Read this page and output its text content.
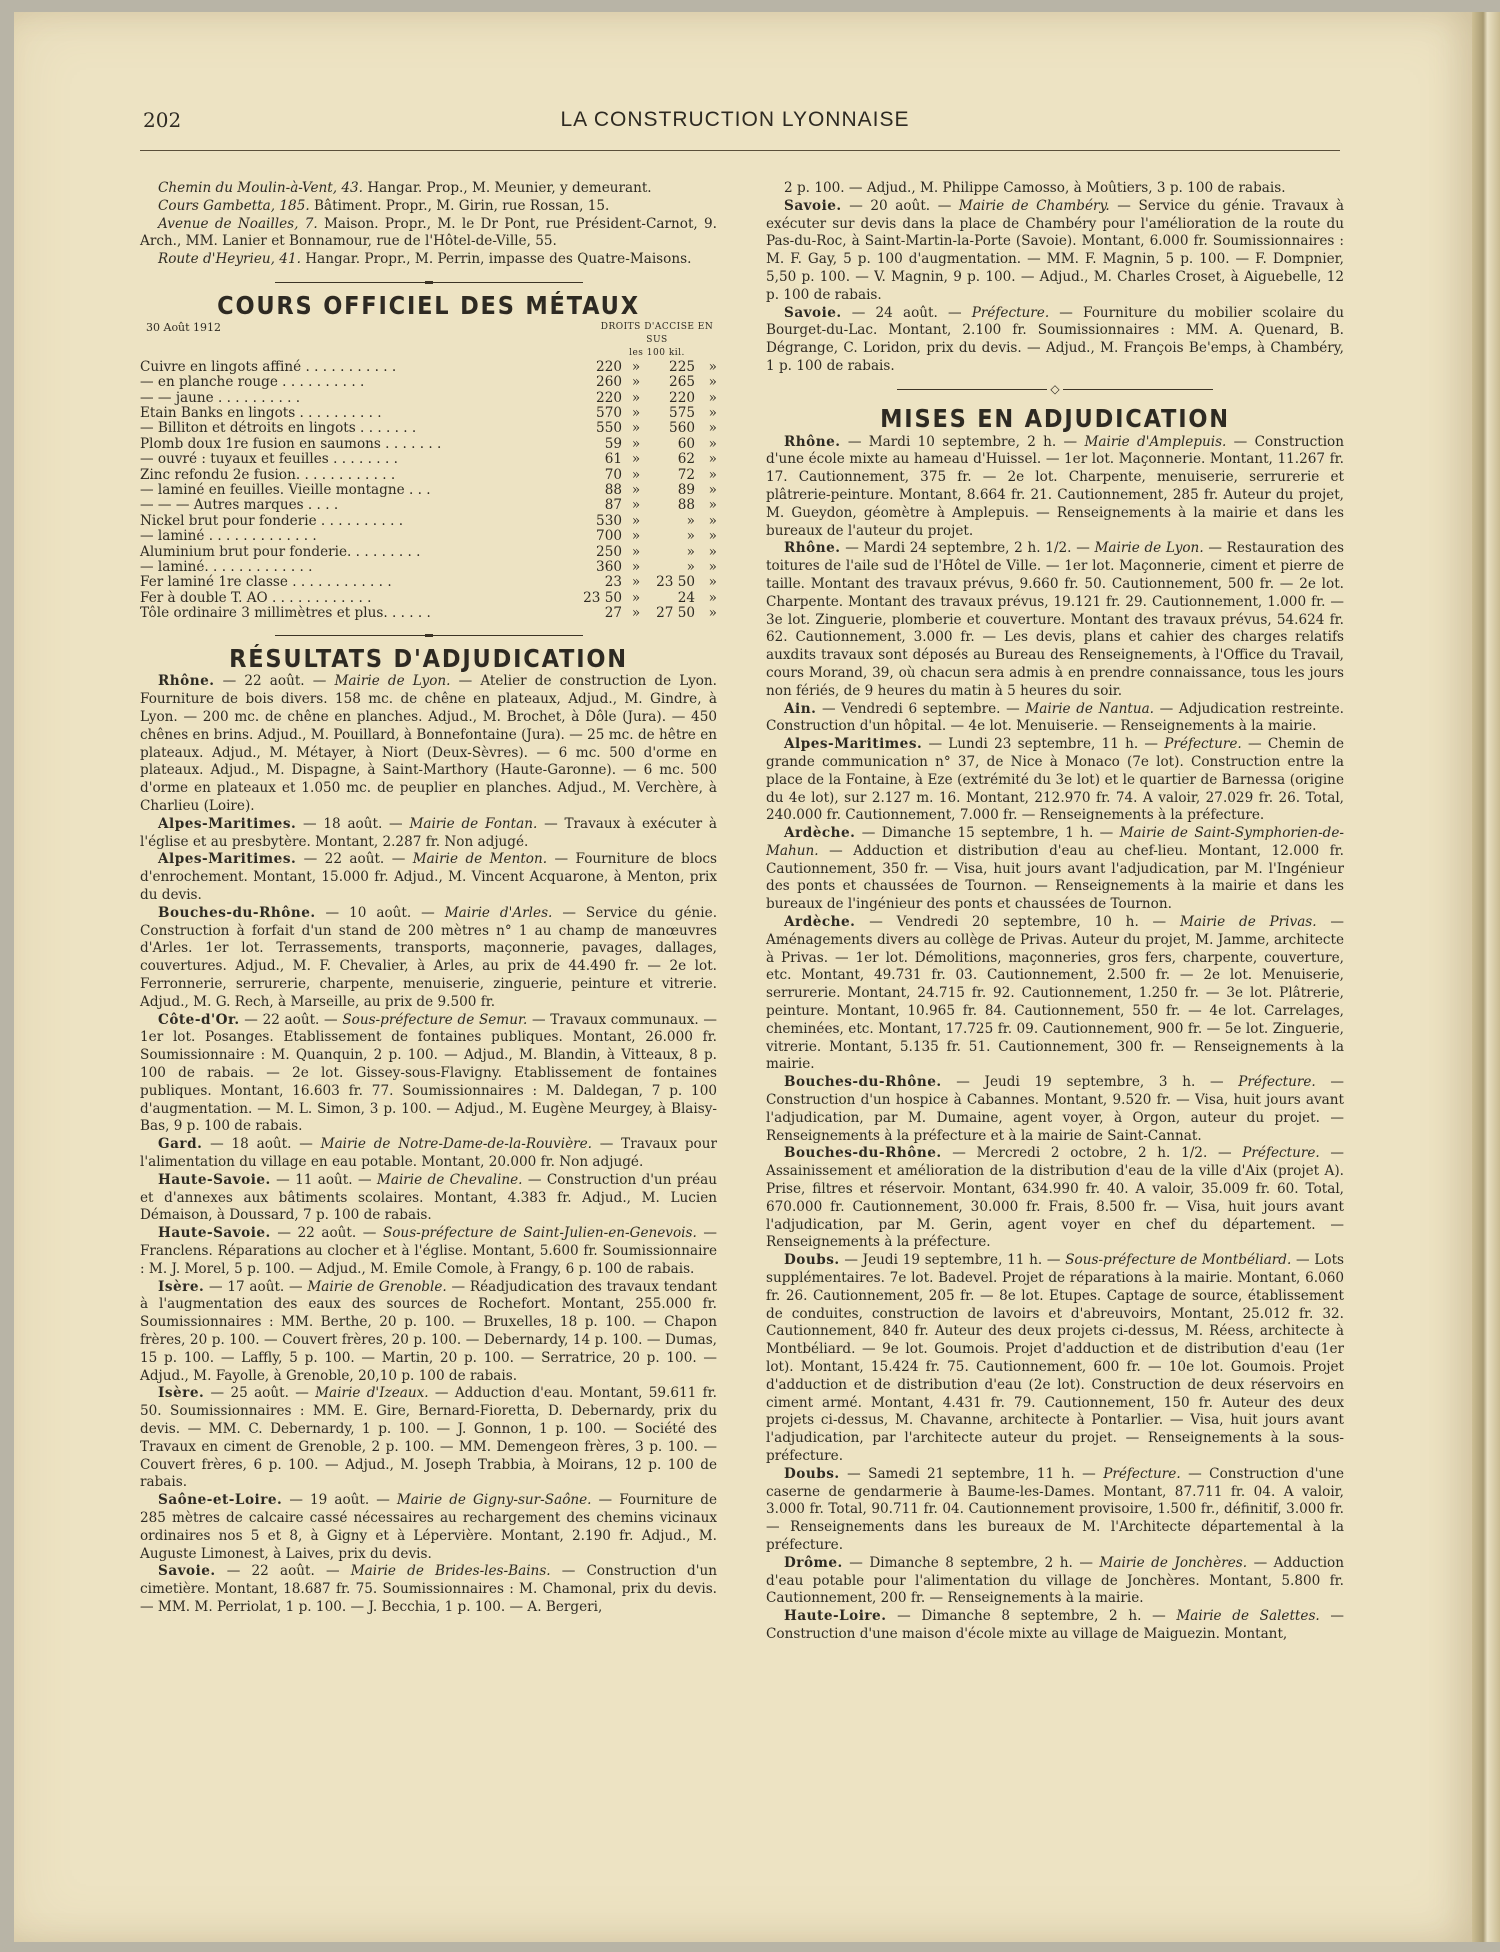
202	LA CONSTRUCTION LYONNAISE
Chemin du Moulin-à-Vent, 43. Hangar. Prop., M. Meunier, y demeurant.
Cours Gambetta, 185. Bâtiment. Propr., M. Girin, rue Rossan, 15.
Avenue de Noailles, 7. Maison. Propr., M. le Dr Pont, rue Président-Carnot, 9. Arch., MM. Lanier et Bonnamour, rue de l'Hôtel-de-Ville, 55.
Route d'Heyrieu, 41. Hangar. Propr., M. Perrin, impasse des Quatre-Maisons.
COURS OFFICIEL DES MÉTAUX
30 Août 1912	DROITS D'ACCISE EN SUS
les 100 kil.
Cuivre en lingots affiné . . . . . . . . . . .	220	»	225	»
— en planche rouge . . . . . . . . . .	260	»	265	»
— — jaune . . . . . . . . . .	220	»	220	»
Etain Banks en lingots . . . . . . . . . .	570	»	575	»
— Billiton et détroits en lingots . . . . . . .	550	»	560	»
Plomb doux 1re fusion en saumons . . . . . . .	59	»	60	»
— ouvré : tuyaux et feuilles . . . . . . . .	61	»	62	»
Zinc refondu 2e fusion. . . . . . . . . . . .	70	»	72	»
— laminé en feuilles. Vieille montagne . . .	88	»	89	»
— — — Autres marques . . . .	87	»	88	»
Nickel brut pour fonderie . . . . . . . . . .	530	»	»	»
— laminé . . . . . . . . . . . . .	700	»	»	»
Aluminium brut pour fonderie. . . . . . . . .	250	»	»	»
— laminé. . . . . . . . . . . . .	360	»	»	»
Fer laminé 1re classe . . . . . . . . . . . .	23	»	23 50	»
Fer à double T. AO . . . . . . . . . . . .	23 50	»	24	»
Tôle ordinaire 3 millimètres et plus. . . . . .	27	»	27 50	»
RÉSULTATS D'ADJUDICATION
Rhône. — 22 août. — Mairie de Lyon. — Atelier de construction de Lyon. Fourniture de bois divers. 158 mc. de chêne en plateaux, Adjud., M. Gindre, à Lyon. — 200 mc. de chêne en planches. Adjud., M. Brochet, à Dôle (Jura). — 450 chênes en brins. Adjud., M. Pouillard, à Bonnefontaine (Jura). — 25 mc. de hêtre en plateaux. Adjud., M. Métayer, à Niort (Deux-Sèvres). — 6 mc. 500 d'orme en plateaux. Adjud., M. Dispagne, à Saint-Marthory (Haute-Garonne). — 6 mc. 500 d'orme en plateaux et 1.050 mc. de peuplier en planches. Adjud., M. Verchère, à Charlieu (Loire).
Alpes-Maritimes. — 18 août. — Mairie de Fontan. — Travaux à exécuter à l'église et au presbytère. Montant, 2.287 fr. Non adjugé.
Alpes-Maritimes. — 22 août. — Mairie de Menton. — Fourniture de blocs d'enrochement. Montant, 15.000 fr. Adjud., M. Vincent Acquarone, à Menton, prix du devis.
Bouches-du-Rhône. — 10 août. — Mairie d'Arles. — Service du génie. Construction à forfait d'un stand de 200 mètres n° 1 au champ de manœuvres d'Arles. 1er lot. Terrassements, transports, maçonnerie, pavages, dallages, couvertures. Adjud., M. F. Chevalier, à Arles, au prix de 44.490 fr. — 2e lot. Ferronnerie, serrurerie, charpente, menuiserie, zinguerie, peinture et vitrerie. Adjud., M. G. Rech, à Marseille, au prix de 9.500 fr.
Côte-d'Or. — 22 août. — Sous-préfecture de Semur. — Travaux communaux. — 1er lot. Posanges. Etablissement de fontaines publiques. Montant, 26.000 fr. Soumissionnaire : M. Quanquin, 2 p. 100. — Adjud., M. Blandin, à Vitteaux, 8 p. 100 de rabais. — 2e lot. Gissey-sous-Flavigny. Etablissement de fontaines publiques. Montant, 16.603 fr. 77. Soumissionnaires : M. Daldegan, 7 p. 100 d'augmentation. — M. L. Simon, 3 p. 100. — Adjud., M. Eugène Meurgey, à Blaisy-Bas, 9 p. 100 de rabais.
Gard. — 18 août. — Mairie de Notre-Dame-de-la-Rouvière. — Travaux pour l'alimentation du village en eau potable. Montant, 20.000 fr. Non adjugé.
Haute-Savoie. — 11 août. — Mairie de Chevaline. — Construction d'un préau et d'annexes aux bâtiments scolaires. Montant, 4.383 fr. Adjud., M. Lucien Démaison, à Doussard, 7 p. 100 de rabais.
Haute-Savoie. — 22 août. — Sous-préfecture de Saint-Julien-en-Genevois. — Franclens. Réparations au clocher et à l'église. Montant, 5.600 fr. Soumissionnaire : M. J. Morel, 5 p. 100. — Adjud., M. Emile Comole, à Frangy, 6 p. 100 de rabais.
Isère. — 17 août. — Mairie de Grenoble. — Réadjudication des travaux tendant à l'augmentation des eaux des sources de Rochefort. Montant, 255.000 fr. Soumissionnaires : MM. Berthe, 20 p. 100. — Bruxelles, 18 p. 100. — Chapon frères, 20 p. 100. — Couvert frères, 20 p. 100. — Debernardy, 14 p. 100. — Dumas, 15 p. 100. — Laffly, 5 p. 100. — Martin, 20 p. 100. — Serratrice, 20 p. 100. — Adjud., M. Fayolle, à Grenoble, 20,10 p. 100 de rabais.
Isère. — 25 août. — Mairie d'Izeaux. — Adduction d'eau. Montant, 59.611 fr. 50. Soumissionnaires : MM. E. Gire, Bernard-Fioretta, D. Debernardy, prix du devis. — MM. C. Debernardy, 1 p. 100. — J. Gonnon, 1 p. 100. — Société des Travaux en ciment de Grenoble, 2 p. 100. — MM. Demengeon frères, 3 p. 100. — Couvert frères, 6 p. 100. — Adjud., M. Joseph Trabbia, à Moirans, 12 p. 100 de rabais.
Saône-et-Loire. — 19 août. — Mairie de Gigny-sur-Saône. — Fourniture de 285 mètres de calcaire cassé nécessaires au rechargement des chemins vicinaux ordinaires nos 5 et 8, à Gigny et à Lépervière. Montant, 2.190 fr. Adjud., M. Auguste Limonest, à Laives, prix du devis.
Savoie. — 22 août. — Mairie de Brides-les-Bains. — Construction d'un cimetière. Montant, 18.687 fr. 75. Soumissionnaires : M. Chamonal, prix du devis. — MM. M. Perriolat, 1 p. 100. — J. Becchia, 1 p. 100. — A. Bergeri,
2 p. 100. — Adjud., M. Philippe Camosso, à Moûtiers, 3 p. 100 de rabais.
Savoie. — 20 août. — Mairie de Chambéry. — Service du génie. Travaux à exécuter sur devis dans la place de Chambéry pour l'amélioration de la route du Pas-du-Roc, à Saint-Martin-la-Porte (Savoie). Montant, 6.000 fr. Soumissionnaires : M. F. Gay, 5 p. 100 d'augmentation. — MM. F. Magnin, 5 p. 100. — F. Dompnier, 5,50 p. 100. — V. Magnin, 9 p. 100. — Adjud., M. Charles Croset, à Aiguebelle, 12 p. 100 de rabais.
Savoie. — 24 août. — Préfecture. — Fourniture du mobilier scolaire du Bourget-du-Lac. Montant, 2.100 fr. Soumissionnaires : MM. A. Quenard, B. Dégrange, C. Loridon, prix du devis. — Adjud., M. François Be'emps, à Chambéry, 1 p. 100 de rabais.
◇
MISES EN ADJUDICATION
Rhône. — Mardi 10 septembre, 2 h. — Mairie d'Amplepuis. — Construction d'une école mixte au hameau d'Huissel. — 1er lot. Maçonnerie. Montant, 11.267 fr. 17. Cautionnement, 375 fr. — 2e lot. Charpente, menuiserie, serrurerie et plâtrerie-peinture. Montant, 8.664 fr. 21. Cautionnement, 285 fr. Auteur du projet, M. Gueydon, géomètre à Amplepuis. — Renseignements à la mairie et dans les bureaux de l'auteur du projet.
Rhône. — Mardi 24 septembre, 2 h. 1/2. — Mairie de Lyon. — Restauration des toitures de l'aile sud de l'Hôtel de Ville. — 1er lot. Maçonnerie, ciment et pierre de taille. Montant des travaux prévus, 9.660 fr. 50. Cautionnement, 500 fr. — 2e lot. Charpente. Montant des travaux prévus, 19.121 fr. 29. Cautionnement, 1.000 fr. — 3e lot. Zinguerie, plomberie et couverture. Montant des travaux prévus, 54.624 fr. 62. Cautionnement, 3.000 fr. — Les devis, plans et cahier des charges relatifs auxdits travaux sont déposés au Bureau des Renseignements, à l'Office du Travail, cours Morand, 39, où chacun sera admis à en prendre connaissance, tous les jours non fériés, de 9 heures du matin à 5 heures du soir.
Ain. — Vendredi 6 septembre. — Mairie de Nantua. — Adjudication restreinte. Construction d'un hôpital. — 4e lot. Menuiserie. — Renseignements à la mairie.
Alpes-Maritimes. — Lundi 23 septembre, 11 h. — Préfecture. — Chemin de grande communication n° 37, de Nice à Monaco (7e lot). Construction entre la place de la Fontaine, à Eze (extrémité du 3e lot) et le quartier de Barnessa (origine du 4e lot), sur 2.127 m. 16. Montant, 212.970 fr. 74. A valoir, 27.029 fr. 26. Total, 240.000 fr. Cautionnement, 7.000 fr. — Renseignements à la préfecture.
Ardèche. — Dimanche 15 septembre, 1 h. — Mairie de Saint-Symphorien-de-Mahun. — Adduction et distribution d'eau au chef-lieu. Montant, 12.000 fr. Cautionnement, 350 fr. — Visa, huit jours avant l'adjudication, par M. l'Ingénieur des ponts et chaussées de Tournon. — Renseignements à la mairie et dans les bureaux de l'ingénieur des ponts et chaussées de Tournon.
Ardèche. — Vendredi 20 septembre, 10 h. — Mairie de Privas. — Aménagements divers au collège de Privas. Auteur du projet, M. Jamme, architecte à Privas. — 1er lot. Démolitions, maçonneries, gros fers, charpente, couverture, etc. Montant, 49.731 fr. 03. Cautionnement, 2.500 fr. — 2e lot. Menuiserie, serrurerie. Montant, 24.715 fr. 92. Cautionnement, 1.250 fr. — 3e lot. Plâtrerie, peinture. Montant, 10.965 fr. 84. Cautionnement, 550 fr. — 4e lot. Carrelages, cheminées, etc. Montant, 17.725 fr. 09. Cautionnement, 900 fr. — 5e lot. Zinguerie, vitrerie. Montant, 5.135 fr. 51. Cautionnement, 300 fr. — Renseignements à la mairie.
Bouches-du-Rhône. — Jeudi 19 septembre, 3 h. — Préfecture. — Construction d'un hospice à Cabannes. Montant, 9.520 fr. — Visa, huit jours avant l'adjudication, par M. Dumaine, agent voyer, à Orgon, auteur du projet. — Renseignements à la préfecture et à la mairie de Saint-Cannat.
Bouches-du-Rhône. — Mercredi 2 octobre, 2 h. 1/2. — Préfecture. — Assainissement et amélioration de la distribution d'eau de la ville d'Aix (projet A). Prise, filtres et réservoir. Montant, 634.990 fr. 40. A valoir, 35.009 fr. 60. Total, 670.000 fr. Cautionnement, 30.000 fr. Frais, 8.500 fr. — Visa, huit jours avant l'adjudication, par M. Gerin, agent voyer en chef du département. — Renseignements à la préfecture.
Doubs. — Jeudi 19 septembre, 11 h. — Sous-préfecture de Montbéliard. — Lots supplémentaires. 7e lot. Badevel. Projet de réparations à la mairie. Montant, 6.060 fr. 26. Cautionnement, 205 fr. — 8e lot. Etupes. Captage de source, établissement de conduites, construction de lavoirs et d'abreuvoirs, Montant, 25.012 fr. 32. Cautionnement, 840 fr. Auteur des deux projets ci-dessus, M. Réess, architecte à Montbéliard. — 9e lot. Goumois. Projet d'adduction et de distribution d'eau (1er lot). Montant, 15.424 fr. 75. Cautionnement, 600 fr. — 10e lot. Goumois. Projet d'adduction et de distribution d'eau (2e lot). Construction de deux réservoirs en ciment armé. Montant, 4.431 fr. 79. Cautionnement, 150 fr. Auteur des deux projets ci-dessus, M. Chavanne, architecte à Pontarlier. — Visa, huit jours avant l'adjudication, par l'architecte auteur du projet. — Renseignements à la sous-préfecture.
Doubs. — Samedi 21 septembre, 11 h. — Préfecture. — Construction d'une caserne de gendarmerie à Baume-les-Dames. Montant, 87.711 fr. 04. A valoir, 3.000 fr. Total, 90.711 fr. 04. Cautionnement provisoire, 1.500 fr., définitif, 3.000 fr. — Renseignements dans les bureaux de M. l'Architecte départemental à la préfecture.
Drôme. — Dimanche 8 septembre, 2 h. — Mairie de Jonchères. — Adduction d'eau potable pour l'alimentation du village de Jonchères. Montant, 5.800 fr. Cautionnement, 200 fr. — Renseignements à la mairie.
Haute-Loire. — Dimanche 8 septembre, 2 h. — Mairie de Salettes. — Construction d'une maison d'école mixte au village de Maiguezin. Montant,
